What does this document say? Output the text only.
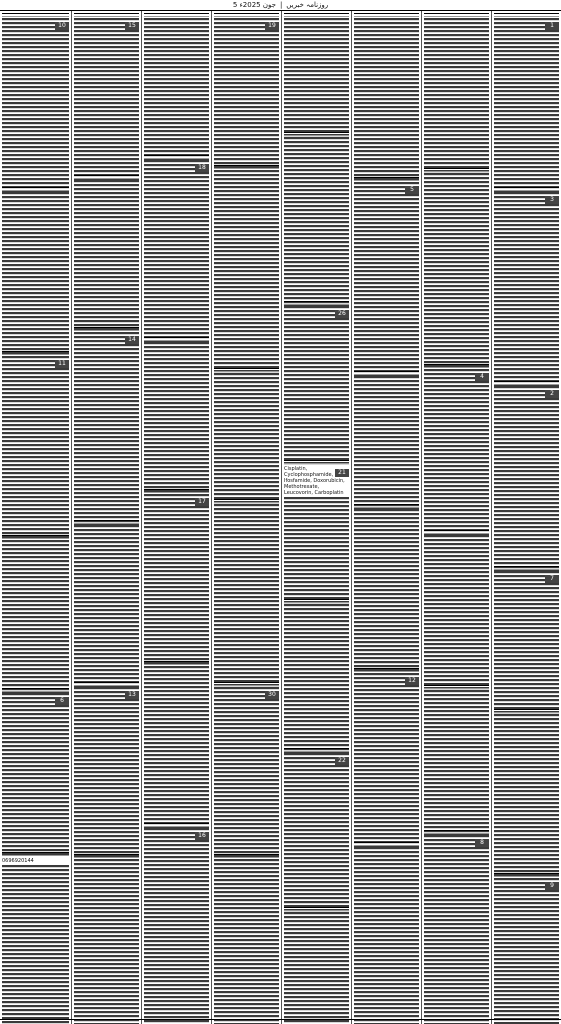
5 جون 2025ء | روزنامہ خبریں
1
3
2
7
9
4
8
5
12
26
21
Cisplatin, Cyclophosphamide, Ifosfamide, Doxorubicin, Methotrexate, Leucovorin, Carboplatin
22
19
30
18
17
16
15
14
13
10
11
6
0696920144
